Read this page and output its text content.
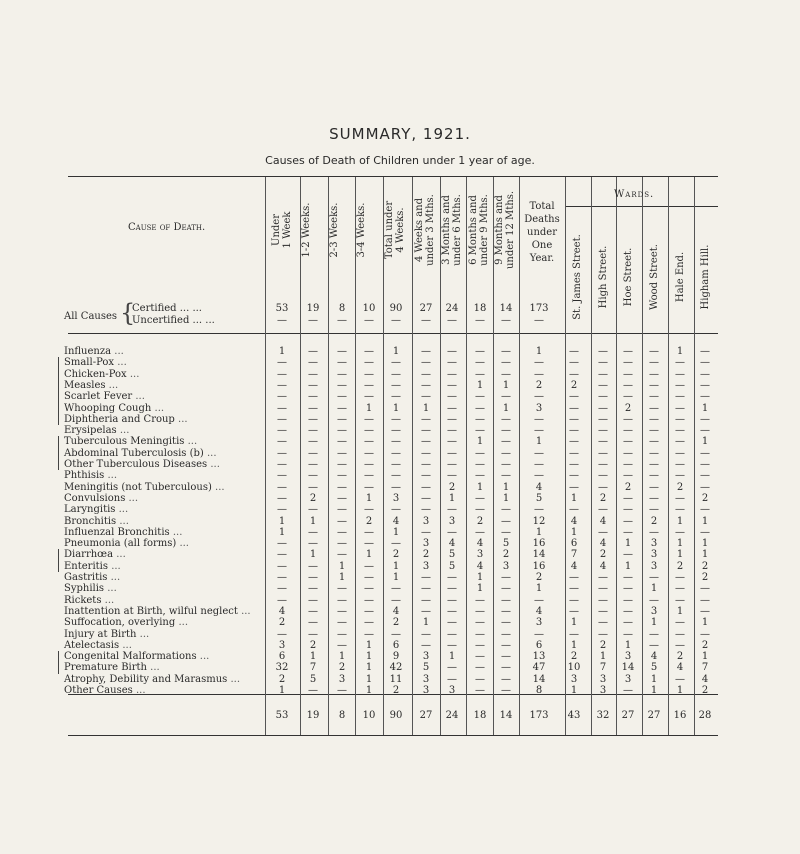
SUMMARY, 1921.
Causes of Death of Children under 1 year of age.
Cause of Death.
Wards.
Under 1 Week 1-2 Weeks. 2-3 Weeks. 3-4 Weeks. Total under 4 Weeks. 4 Weeks and under 3 Mths. 3 Months and under 6 Mths. 6 Months and under 9 Mths. 9 Months and under 12 Mths.	Total
Deaths
under
One
Year.	St. James Street. High Street. Hoe Street. Wood Street. Hale End. Higham Hill.
All Causes {
Certified ... ...	53	19	8	10	90	27	24	18	14	173
Uncertified ... ...	—	—	—	—	—	—	—	—	—	—
Influenza ...	1	—	—	—	1	—	—	—	—	1	—	—	—	—	1	—
Small-Pox ...	—	—	—	—	—	—	—	—	—	—	—	—	—	—	—	—
Chicken-Pox ...	—	—	—	—	—	—	—	—	—	—	—	—	—	—	—	—
Measles ...	—	—	—	—	—	—	—	1	1	2	2	—	—	—	—	—
Scarlet Fever ...	—	—	—	—	—	—	—	—	—	—	—	—	—	—	—	—
Whooping Cough ...	—	—	—	1	1	1	—	—	1	3	—	—	2	—	—	1
Diphtheria and Croup ...	—	—	—	—	—	—	—	—	—	—	—	—	—	—	—	—
Erysipelas ...	—	—	—	—	—	—	—	—	—	—	—	—	—	—	—	—
Tuberculous Meningitis ...	—	—	—	—	—	—	—	1	—	1	—	—	—	—	—	1
Abdominal Tuberculosis (b) ...	—	—	—	—	—	—	—	—	—	—	—	—	—	—	—	—
Other Tuberculous Diseases ...	—	—	—	—	—	—	—	—	—	—	—	—	—	—	—	—
Phthisis ...	—	—	—	—	—	—	—	—	—	—	—	—	—	—	—	—
Meningitis (not Tuberculous) ...	—	—	—	—	—	—	2	1	1	4	—	—	2	—	2	—
Convulsions ...	—	2	—	1	3	—	1	—	1	5	1	2	—	—	—	2
Laryngitis ...	—	—	—	—	—	—	—	—	—	—	—	—	—	—	—	—
Bronchitis ...	1	1	—	2	4	3	3	2	—	12	4	4	—	2	1	1
Influenzal Bronchitis ...	1	—	—	—	1	—	—	—	—	1	1	—	—	—	—	—
Pneumonia (all forms) ...	—	—	—	—	—	3	4	4	5	16	6	4	1	3	1	1
Diarrhœa ...	—	1	—	1	2	2	5	3	2	14	7	2	—	3	1	1
Enteritis ...	—	—	1	—	1	3	5	4	3	16	4	4	1	3	2	2
Gastritis ...	—	—	1	—	1	—	—	1	—	2	—	—	—	—	—	2
Syphilis ...	—	—	—	—	—	—	—	1	—	1	—	—	—	1	—	—
Rickets ...	—	—	—	—	—	—	—	—	—	—	—	—	—	—	—	—
Inattention at Birth, wilful neglect ...	4	—	—	—	4	—	—	—	—	4	—	—	—	3	1	—
Suffocation, overlying ...	2	—	—	—	2	1	—	—	—	3	1	—	—	1	—	1
Injury at Birth ...	—	—	—	—	—	—	—	—	—	—	—	—	—	—	—	—
Atelectasis ...	3	2	—	1	6	—	—	—	—	6	1	2	1	—	—	2
Congenital Malformations ...	6	1	1	1	9	3	1	—	—	13	2	1	3	4	2	1
Premature Birth ...	32	7	2	1	42	5	—	—	—	47	10	7	14	5	4	7
Atrophy, Debility and Marasmus ...	2	5	3	1	11	3	—	—	—	14	3	3	3	1	—	4
Other Causes ...	1	—	—	1	2	3	3	—	—	8	1	3	—	1	1	2
53	19	8	10	90	27	24	18	14	173	43	32	27	27	16	28
